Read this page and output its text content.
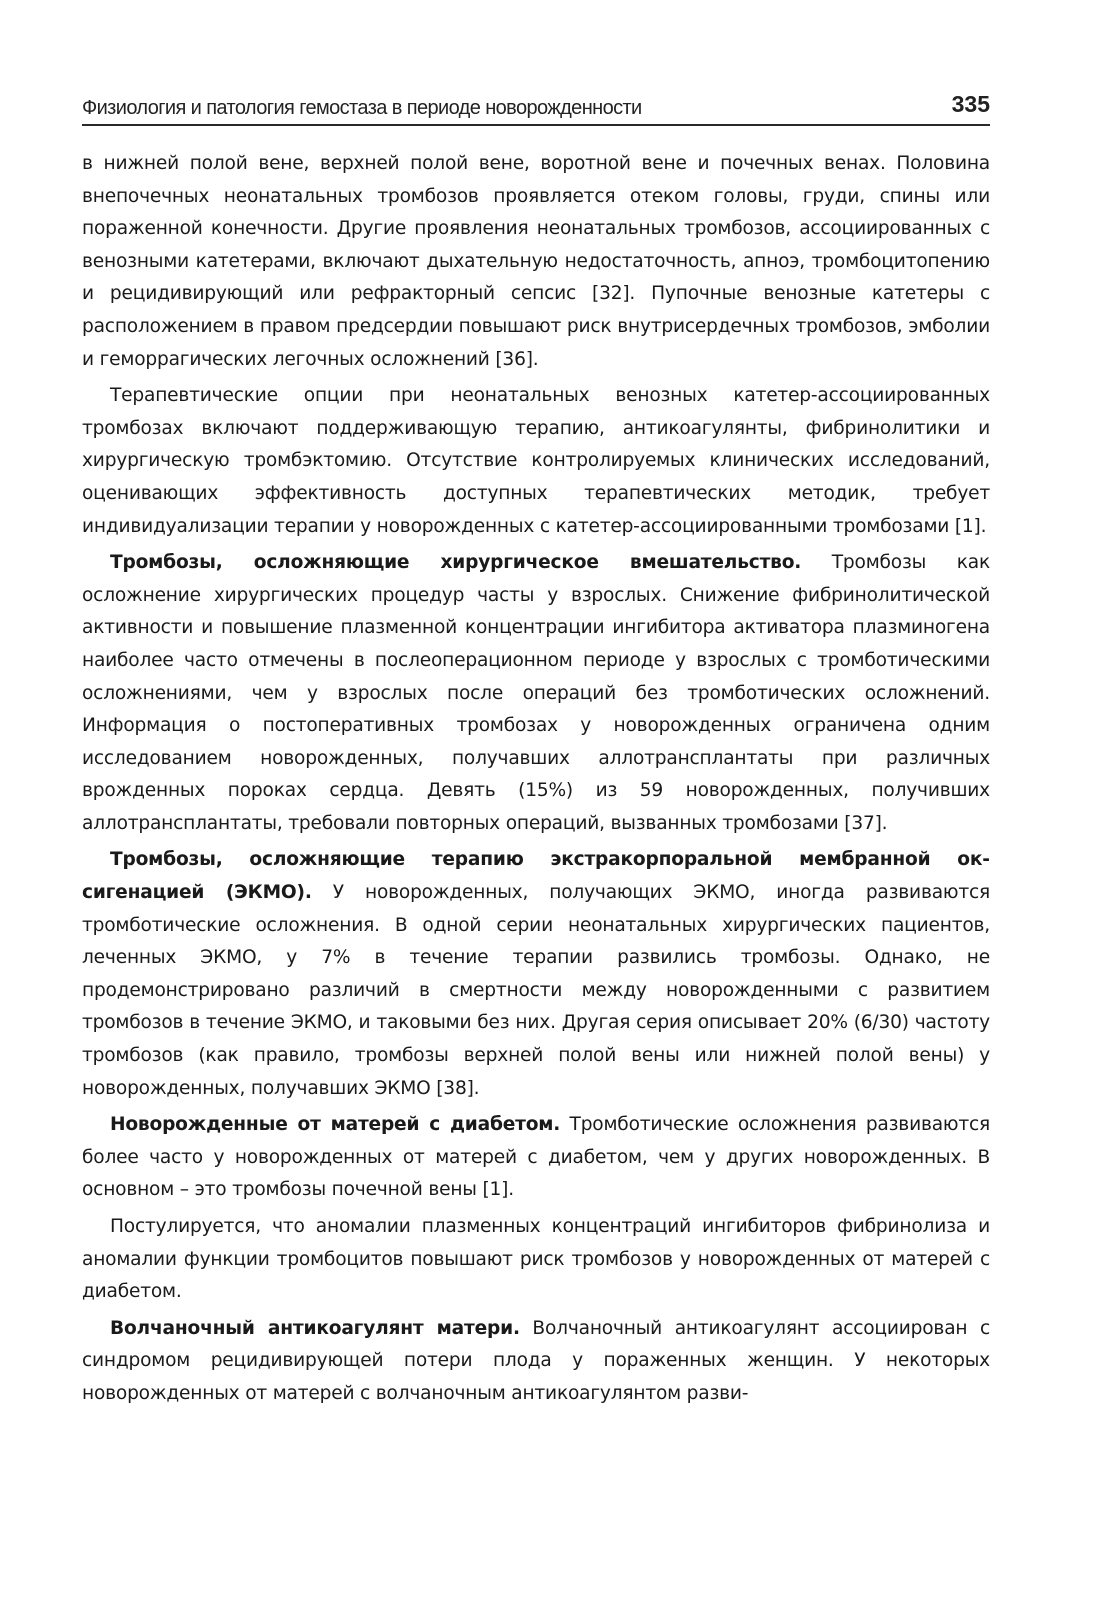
Физиология и патология гемостаза в периоде новорожденности	335

в нижней полой вене, верхней полой вене, воротной вене и почечных венах. Половина внепочечных неонатальных тромбозов проявляется отеком головы, груди, спины или пораженной конечности. Другие проявления неонатальных тромбозов, ассоциированных с венозными катетерами, включают дыхательную недостаточность, апноэ, тромбоцитопению и рецидивирующий или рефракторный сепсис [32]. Пупочные венозные катетеры с расположением в правом предсердии повышают риск внутрисердечных тромбозов, эмболии и геморрагических легочных осложнений [36].

Терапевтические опции при неонатальных венозных катетер-ассоциированных тромбозах включают поддерживающую терапию, антикоагулянты, фибринолитики и хирургическую тромбэктомию. Отсутствие контролируемых клинических исследований, оценивающих эффективность доступных терапевтических методик, требует индивидуализации терапии у новорожденных с катетер-ассоциированными тромбозами [1].

Тромбозы, осложняющие хирургическое вмешательство. Тромбозы как осложнение хирургических процедур часты у взрослых. Снижение фибринолитической активности и повышение плазменной концентрации ингибитора активатора плазминогена наиболее часто отмечены в послеоперационном периоде у взрослых с тромботическими осложнениями, чем у взрослых после операций без тромботических осложнений. Информация о постоперативных тромбозах у новорожденных ограничена одним исследованием новорожденных, получавших аллотрансплантаты при различных врожденных пороках сердца. Девять (15%) из 59 новорожденных, получивших аллотрансплантаты, требовали повторных операций, вызванных тромбозами [37].

Тромбозы, осложняющие терапию экстракорпоральной мембранной оксигенацией (ЭКМО). У новорожденных, получающих ЭКМО, иногда развиваются тромботические осложнения. В одной серии неонатальных хирургических пациентов, леченных ЭКМО, у 7% в течение терапии развились тромбозы. Однако, не продемонстрировано различий в смертности между новорожденными с развитием тромбозов в течение ЭКМО, и таковыми без них. Другая серия описывает 20% (6/30) частоту тромбозов (как правило, тромбозы верхней полой вены или нижней полой вены) у новорожденных, получавших ЭКМО [38].

Новорожденные от матерей с диабетом. Тромботические осложнения развиваются более часто у новорожденных от матерей с диабетом, чем у других новорожденных. В основном – это тромбозы почечной вены [1].

Постулируется, что аномалии плазменных концентраций ингибиторов фибринолиза и аномалии функции тромбоцитов повышают риск тромбозов у новорожденных от матерей с диабетом.

Волчаночный антикоагулянт матери. Волчаночный антикоагулянт ассоциирован с синдромом рецидивирующей потери плода у пораженных женщин. У некоторых новорожденных от матерей с волчаночным антикоагулянтом разви-
